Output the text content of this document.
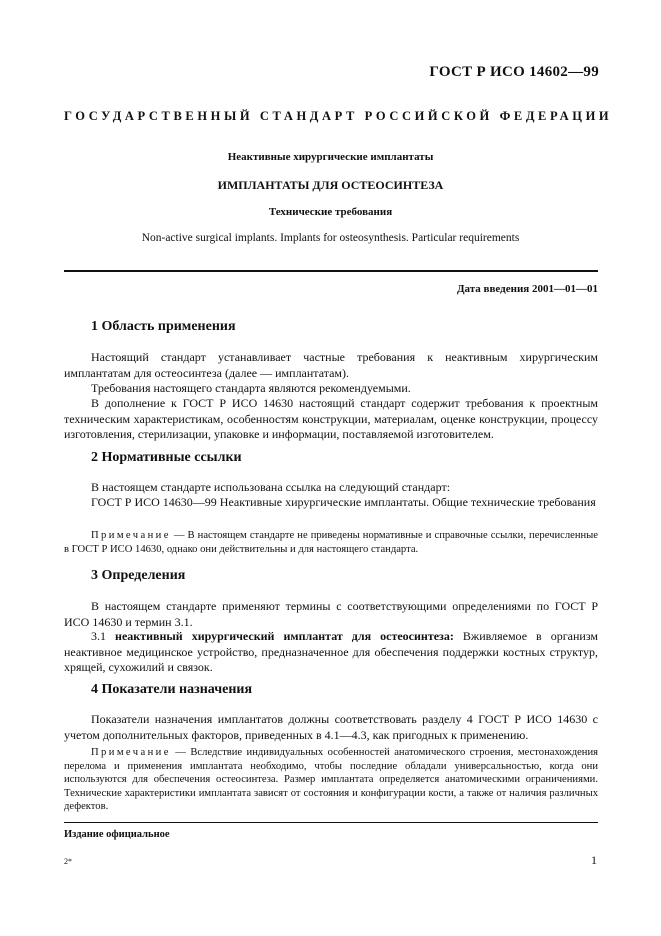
ГОСТ Р ИСО 14602—99
ГОСУДАРСТВЕННЫЙ СТАНДАРТ РОССИЙСКОЙ ФЕДЕРАЦИИ
Неактивные хирургические имплантаты
ИМПЛАНТАТЫ ДЛЯ ОСТЕОСИНТЕЗА
Технические требования
Non-active surgical implants. Implants for osteosynthesis. Particular requirements
Дата введения 2001—01—01
1 Область применения

Настоящий стандарт устанавливает частные требования к неактивным хирургическим имплантатам для остеосинтеза (далее — имплантатам).

Требования настоящего стандарта являются рекомендуемыми.

В дополнение к ГОСТ Р ИСО 14630 настоящий стандарт содержит требования к проектным техническим характеристикам, особенностям конструкции, материалам, оценке конструкции, процессу изготовления, стерилизации, упаковке и информации, поставляемой изготовителем.

2 Нормативные ссылки

В настоящем стандарте использована ссылка на следующий стандарт:

ГОСТ Р ИСО 14630—99 Неактивные хирургические имплантаты. Общие технические требования

Примечание — В настоящем стандарте не приведены нормативные и справочные ссылки, перечисленные в ГОСТ Р ИСО 14630, однако они действительны и для настоящего стандарта.

3 Определения

В настоящем стандарте применяют термины с соответствующими определениями по ГОСТ Р ИСО 14630 и термин 3.1.

3.1 неактивный хирургический имплантат для остеосинтеза: Вживляемое в организм неактивное медицинское устройство, предназначенное для обеспечения поддержки костных структур, хрящей, сухожилий и связок.

4 Показатели назначения

Показатели назначения имплантатов должны соответствовать разделу 4 ГОСТ Р ИСО 14630 с учетом дополнительных факторов, приведенных в 4.1—4.3, как пригодных к применению.

Примечание — Вследствие индивидуальных особенностей анатомического строения, местонахождения перелома и применения имплантата необходимо, чтобы последние обладали универсальностью, когда они используются для обеспечения остеосинтеза. Размер имплантата определяется анатомическими ограничениями. Технические характеристики имплантата зависят от состояния и конфигурации кости, а также от наличия различных дефектов.

Издание официальное
2*	1
